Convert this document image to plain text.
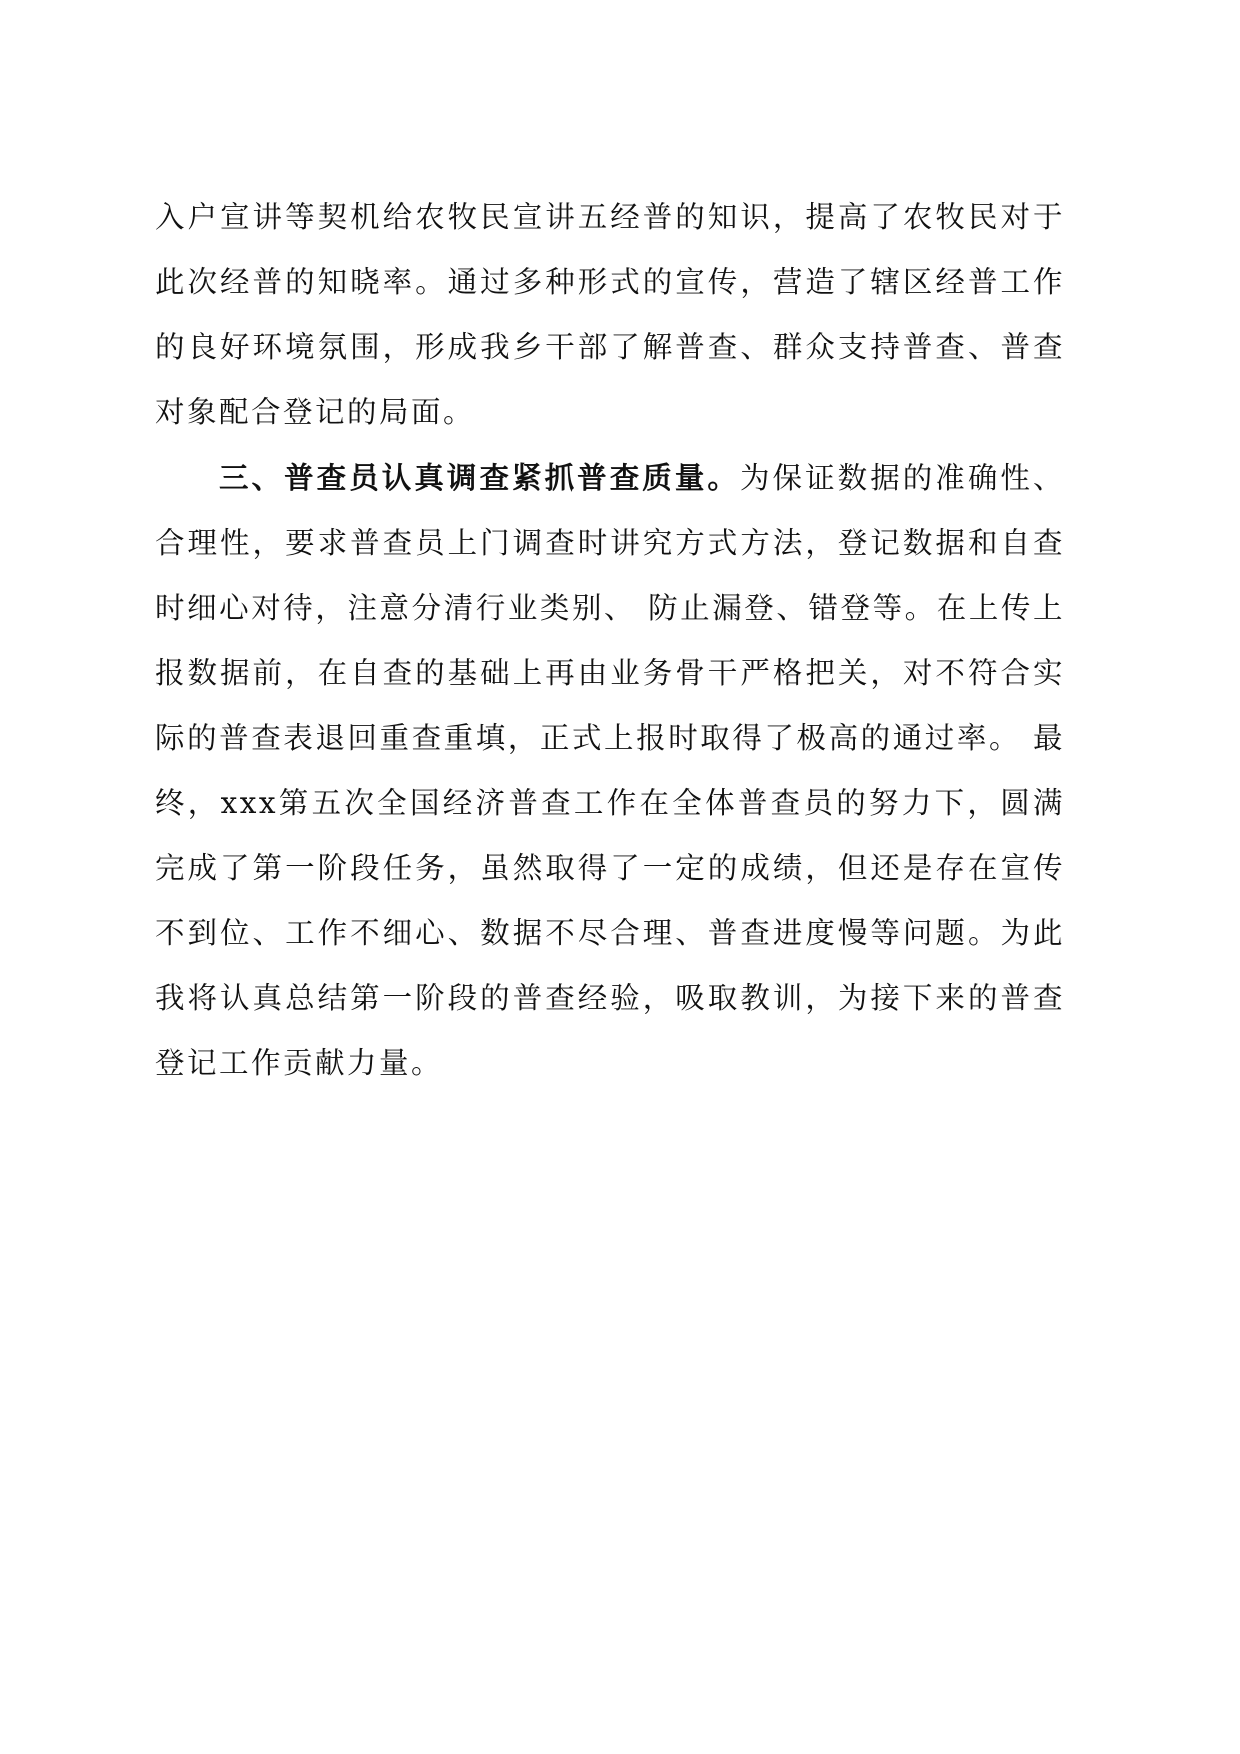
入户宣讲等契机给农牧民宣讲五经普的知识，提高了农牧民对于此次经普的知晓率。通过多种形式的宣传，营造了辖区经普工作的良好环境氛围，形成我乡干部了解普查、群众支持普查、普查对象配合登记的局面。

三、普查员认真调查紧抓普查质量。为保证数据的准确性、合理性，要求普查员上门调查时讲究方式方法，登记数据和自查时细心对待，注意分清行业类别、 防止漏登、错登等。在上传上报数据前，在自查的基础上再由业务骨干严格把关，对不符合实际的普查表退回重查重填，正式上报时取得了极高的通过率。 最终，xxx第五次全国经济普查工作在全体普查员的努力下，圆满完成了第一阶段任务，虽然取得了一定的成绩，但还是存在宣传不到位、工作不细心、数据不尽合理、普查进度慢等问题。为此我将认真总结第一阶段的普查经验，吸取教训，为接下来的普查登记工作贡献力量。
